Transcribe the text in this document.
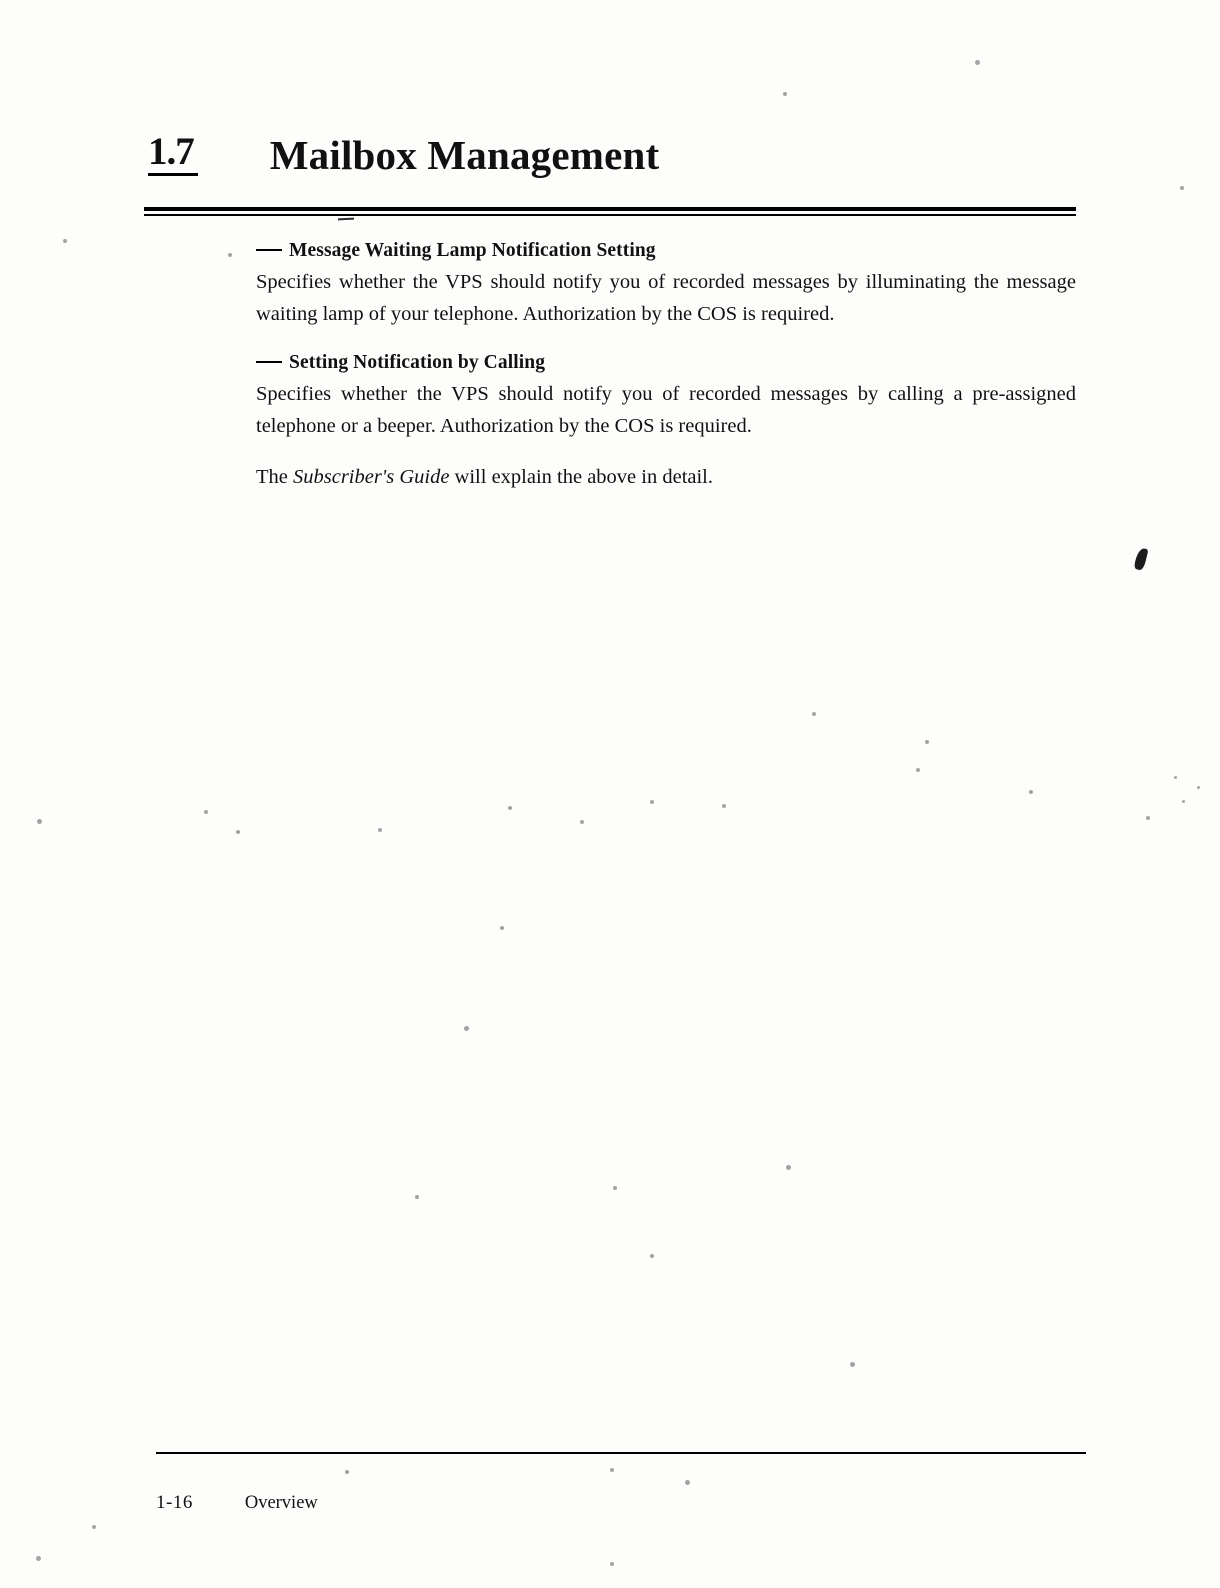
1.7 Mailbox Management
Message Waiting Lamp Notification Setting

Specifies whether the VPS should notify you of recorded messages by illuminating the message waiting lamp of your telephone. Authorization by the COS is required.

Setting Notification by Calling

Specifies whether the VPS should notify you of recorded messages by calling a pre-assigned telephone or a beeper. Authorization by the COS is required.

The Subscriber's Guide will explain the above in detail.

1-16	Overview
